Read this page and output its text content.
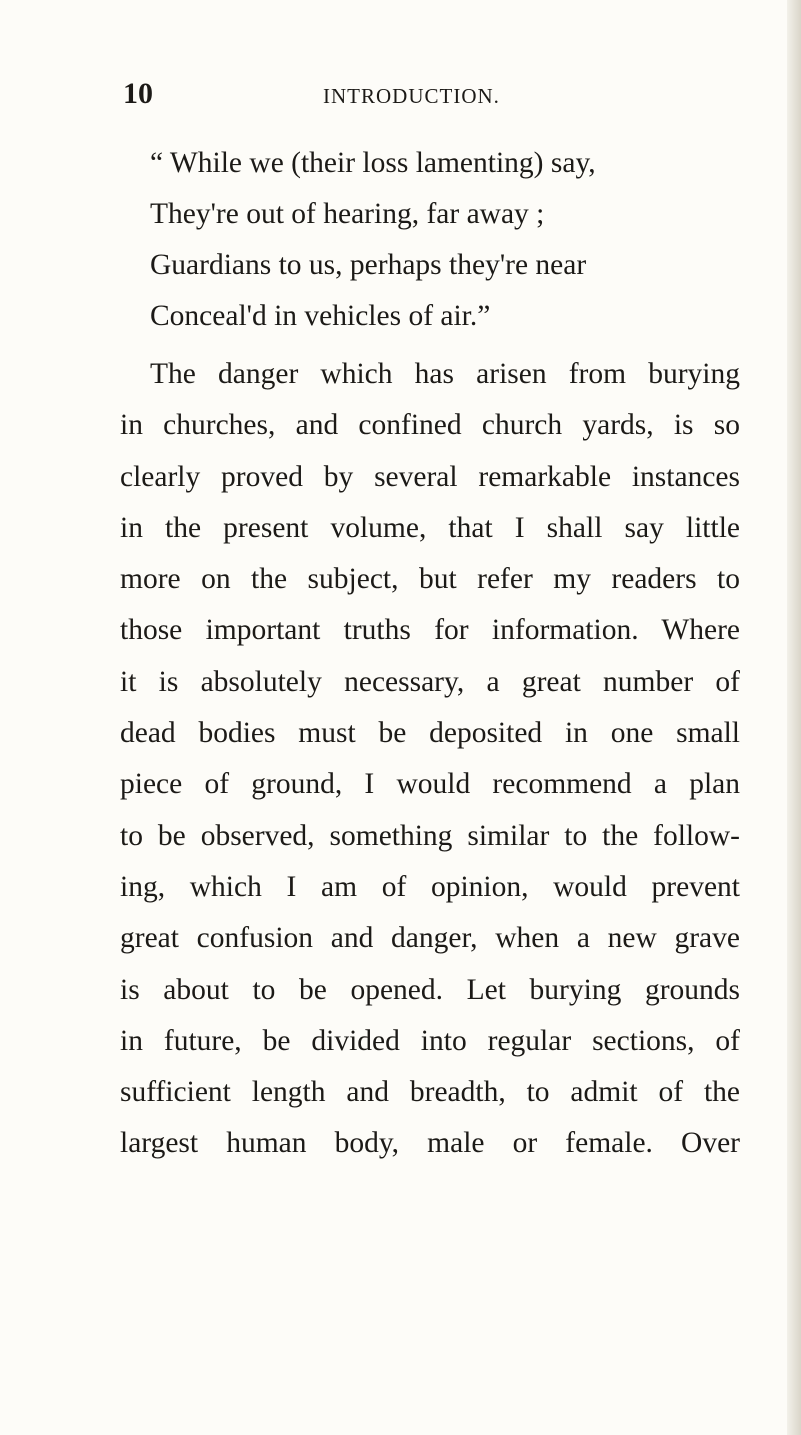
10	INTRODUCTION.
“ While we (their loss lamenting) say,
They're out of hearing, far away ;
Guardians to us, perhaps they're near
Conceal'd in vehicles of air.”
The danger which has arisen from burying
in churches, and confined church yards, is so
clearly proved by several remarkable instances
in the present volume, that I shall say little
more on the subject, but refer my readers to
those important truths for information. Where
it is absolutely necessary, a great number of
dead bodies must be deposited in one small
piece of ground, I would recommend a plan
to be observed, something similar to the follow-
ing, which I am of opinion, would prevent
great confusion and danger, when a new grave
is about to be opened. Let burying grounds
in future, be divided into regular sections, of
sufficient length and breadth, to admit of the
largest human body, male or female. Over
